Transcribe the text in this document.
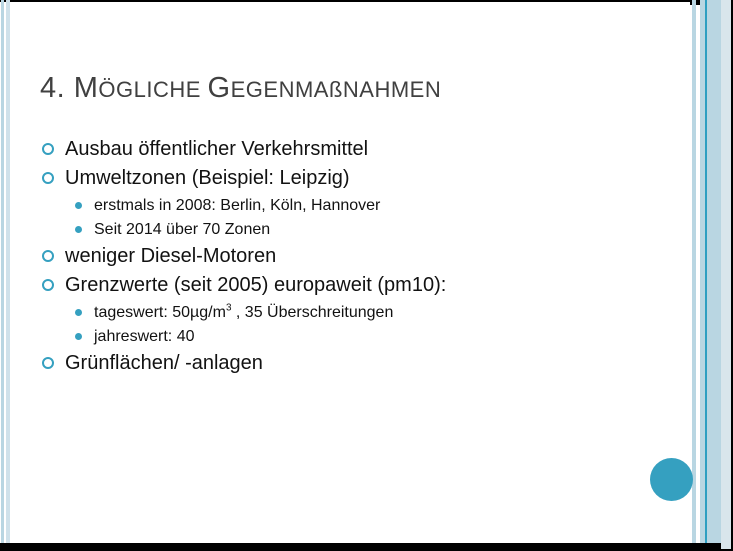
4. MÖGLICHE GEGENMAßNAHMEN
Ausbau öffentlicher Verkehrsmittel
Umweltzonen (Beispiel: Leipzig)
erstmals in 2008: Berlin, Köln, Hannover
Seit 2014 über 70 Zonen
weniger Diesel-Motoren
Grenzwerte (seit 2005) europaweit (pm10):
tageswert: $50\mu g/m^3$ , 35 Überschreitungen
jahreswert: 40
Grünflächen/ -anlagen
